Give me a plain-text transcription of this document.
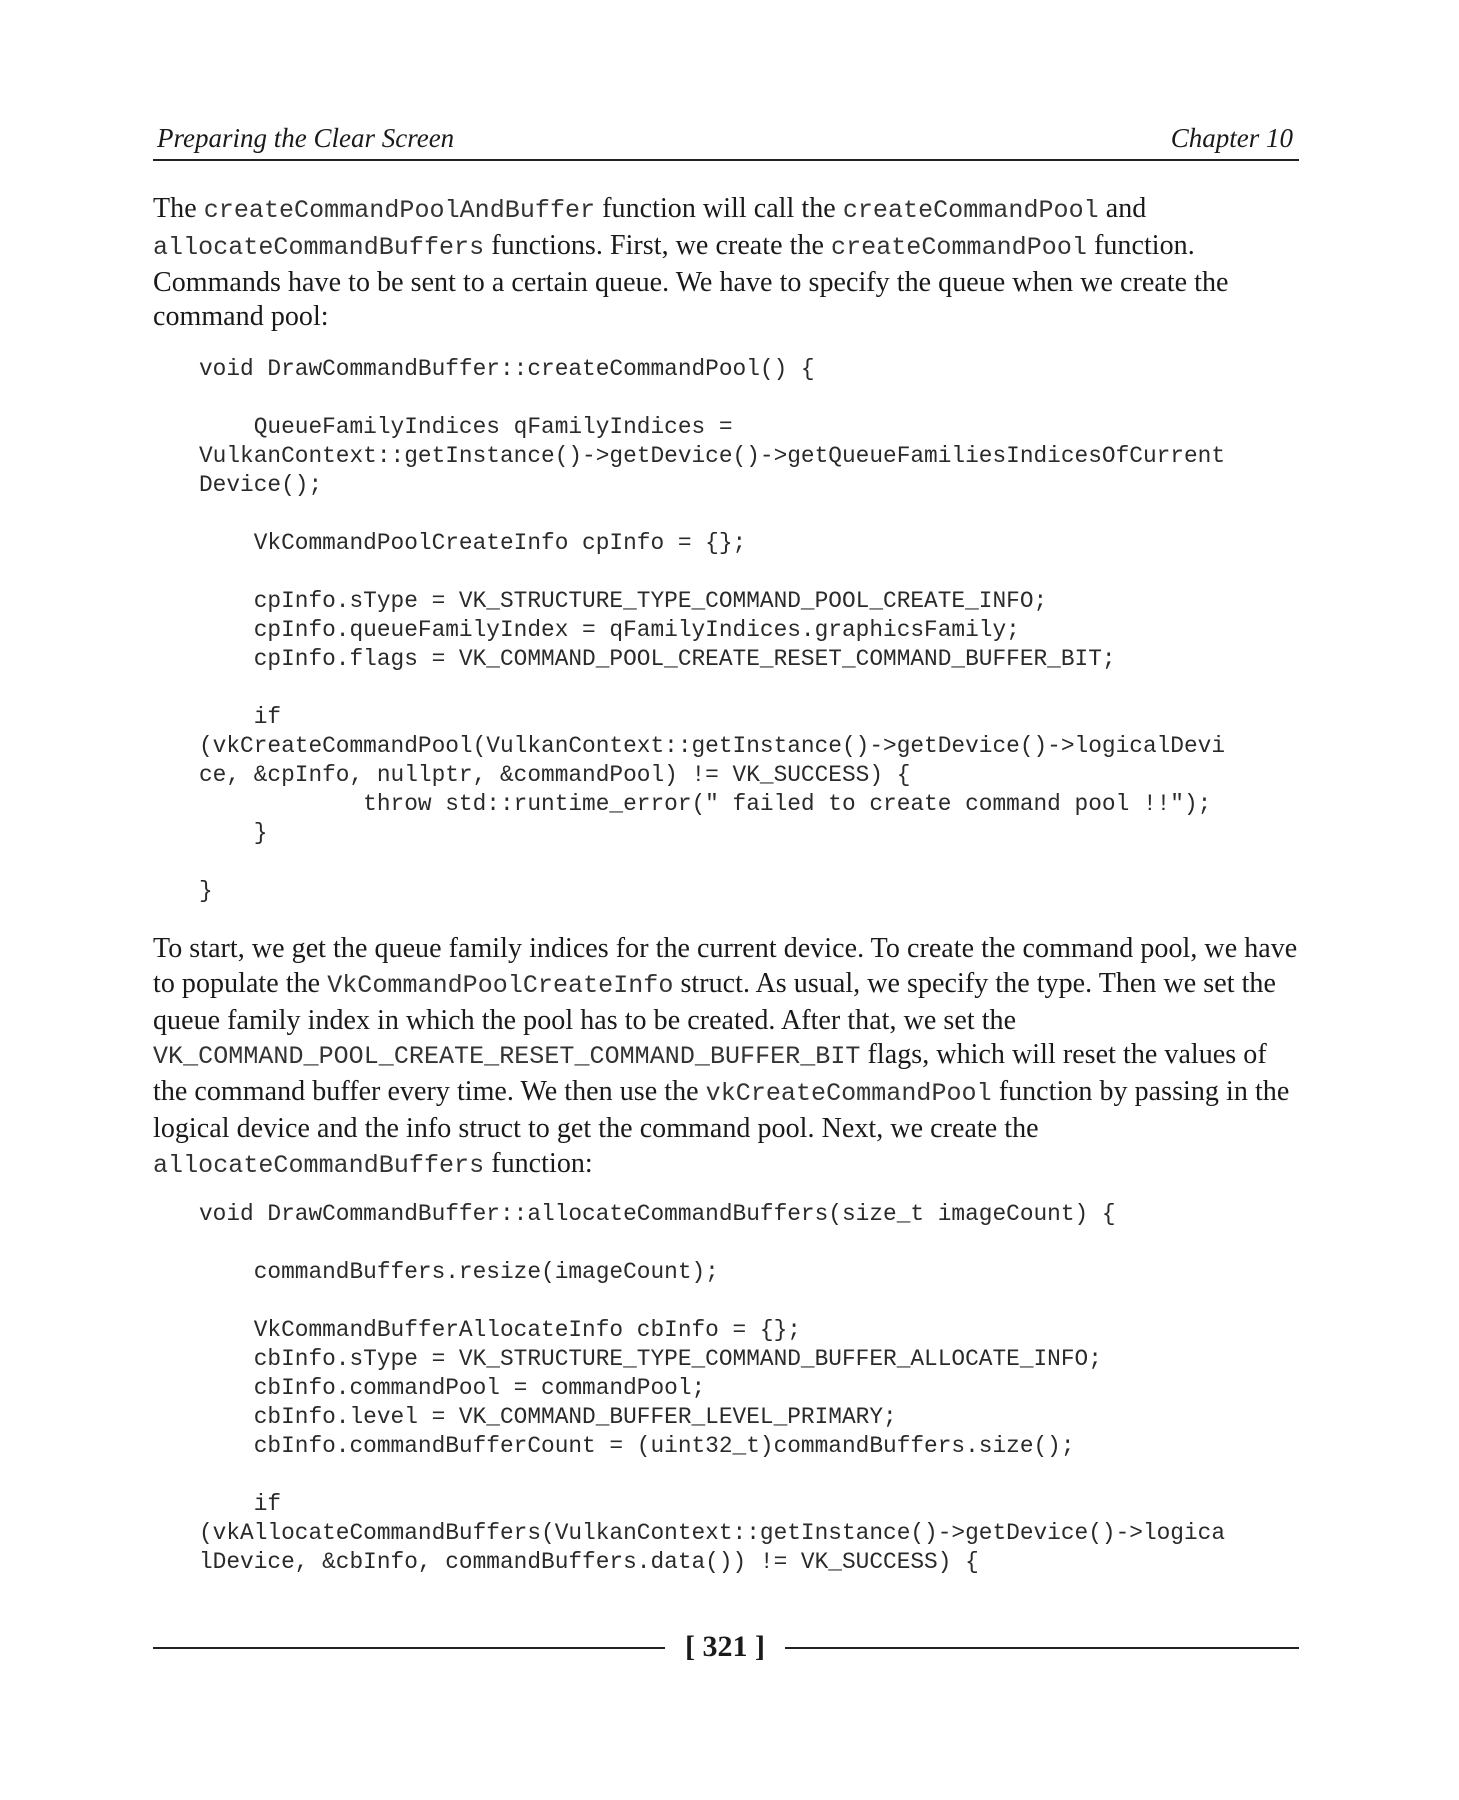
Preparing the Clear Screen	Chapter 10

The createCommandPoolAndBuffer function will call the createCommandPool and allocateCommandBuffers functions. First, we create the createCommandPool function. Commands have to be sent to a certain queue. We have to specify the queue when we create the command pool:

void DrawCommandBuffer::createCommandPool() {

QueueFamilyIndices qFamilyIndices =
VulkanContext::getInstance()->getDevice()->getQueueFamiliesIndicesOfCurrent
Device();

VkCommandPoolCreateInfo cpInfo = {};

cpInfo.sType = VK_STRUCTURE_TYPE_COMMAND_POOL_CREATE_INFO;
cpInfo.queueFamilyIndex = qFamilyIndices.graphicsFamily;
cpInfo.flags = VK_COMMAND_POOL_CREATE_RESET_COMMAND_BUFFER_BIT;

if
(vkCreateCommandPool(VulkanContext::getInstance()->getDevice()->logicalDevi
ce, &cpInfo, nullptr, &commandPool) != VK_SUCCESS) {
throw std::runtime_error(" failed to create command pool !!");
}

}

To start, we get the queue family indices for the current device. To create the command pool, we have to populate the VkCommandPoolCreateInfo struct. As usual, we specify the type. Then we set the queue family index in which the pool has to be created. After that, we set the VK_COMMAND_POOL_CREATE_RESET_COMMAND_BUFFER_BIT flags, which will reset the values of the command buffer every time. We then use the vkCreateCommandPool function by passing in the logical device and the info struct to get the command pool. Next, we create the allocateCommandBuffers function:

void DrawCommandBuffer::allocateCommandBuffers(size_t imageCount) {

commandBuffers.resize(imageCount);

VkCommandBufferAllocateInfo cbInfo = {};
cbInfo.sType = VK_STRUCTURE_TYPE_COMMAND_BUFFER_ALLOCATE_INFO;
cbInfo.commandPool = commandPool;
cbInfo.level = VK_COMMAND_BUFFER_LEVEL_PRIMARY;
cbInfo.commandBufferCount = (uint32_t)commandBuffers.size();

if
(vkAllocateCommandBuffers(VulkanContext::getInstance()->getDevice()->logica
lDevice, &cbInfo, commandBuffers.data()) != VK_SUCCESS) {
[ 321 ]
